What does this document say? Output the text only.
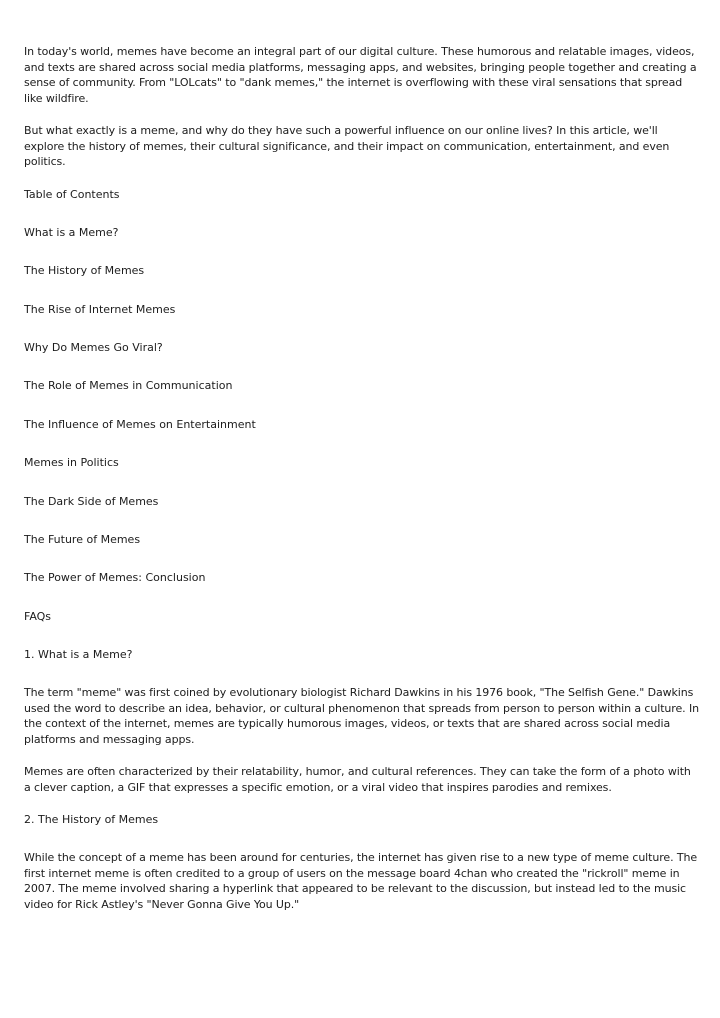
In today's world, memes have become an integral part of our digital culture. These humorous and relatable images, videos, and texts are shared across social media platforms, messaging apps, and websites, bringing people together and creating a sense of community. From "LOLcats" to "dank memes," the internet is overflowing with these viral sensations that spread like wildfire.

But what exactly is a meme, and why do they have such a powerful influence on our online lives? In this article, we'll explore the history of memes, their cultural significance, and their impact on communication, entertainment, and even politics.

Table of Contents
What is a Meme?
The History of Memes
The Rise of Internet Memes
Why Do Memes Go Viral?
The Role of Memes in Communication
The Influence of Memes on Entertainment
Memes in Politics
The Dark Side of Memes
The Future of Memes
The Power of Memes: Conclusion
FAQs
1. What is a Meme?

The term "meme" was first coined by evolutionary biologist Richard Dawkins in his 1976 book, "The Selfish Gene." Dawkins used the word to describe an idea, behavior, or cultural phenomenon that spreads from person to person within a culture. In the context of the internet, memes are typically humorous images, videos, or texts that are shared across social media platforms and messaging apps.

Memes are often characterized by their relatability, humor, and cultural references. They can take the form of a photo with a clever caption, a GIF that expresses a specific emotion, or a viral video that inspires parodies and remixes.

2. The History of Memes

While the concept of a meme has been around for centuries, the internet has given rise to a new type of meme culture. The first internet meme is often credited to a group of users on the message board 4chan who created the "rickroll" meme in 2007. The meme involved sharing a hyperlink that appeared to be relevant to the discussion, but instead led to the music video for Rick Astley's "Never Gonna Give You Up."
